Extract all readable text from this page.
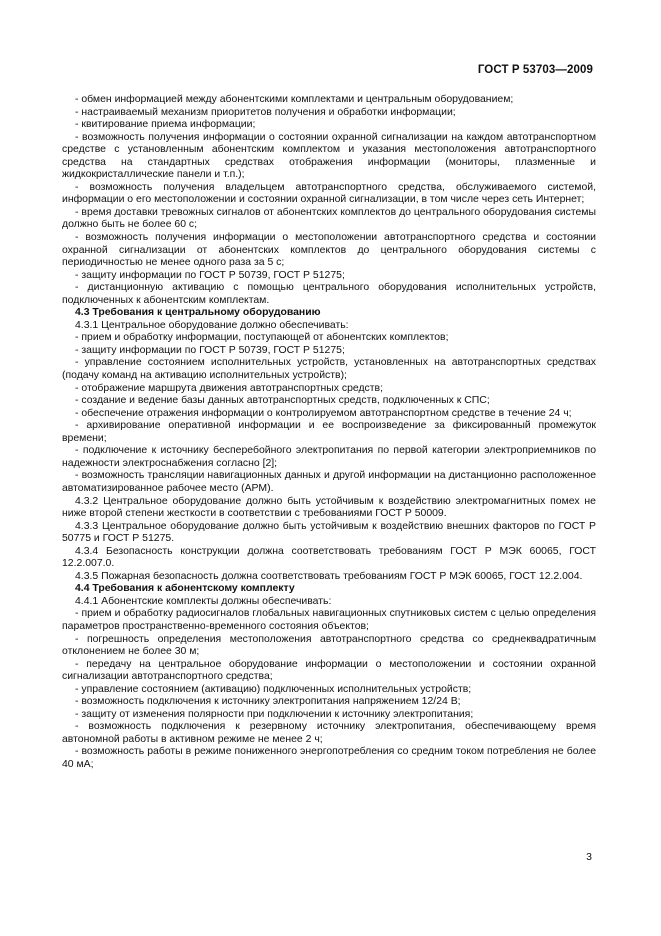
ГОСТ Р 53703—2009

- обмен информацией между абонентскими комплектами и центральным оборудованием;

- настраиваемый механизм приоритетов получения и обработки информации;

- квитирование приема информации;

- возможность получения информации о состоянии охранной сигнализации на каждом автотранспортном средстве с установленным абонентским комплектом и указания местоположения автотранспортного средства на стандартных средствах отображения информации (мониторы, плазменные и жидкокристаллические панели и т.п.);

- возможность получения владельцем автотранспортного средства, обслуживаемого системой, информации о его местоположении и состоянии охранной сигнализации, в том числе через сеть Интернет;

- время доставки тревожных сигналов от абонентских комплектов до центрального оборудования системы должно быть не более 60 с;

- возможность получения информации о местоположении автотранспортного средства и состоянии охранной сигнализации от абонентских комплектов до центрального оборудования системы с периодичностью не менее одного раза за 5 с;

- защиту информации по ГОСТ Р 50739, ГОСТ Р 51275;

- дистанционную активацию с помощью центрального оборудования исполнительных устройств, подключенных к абонентским комплектам.

4.3 Требования к центральному оборудованию

4.3.1 Центральное оборудование должно обеспечивать:

- прием и обработку информации, поступающей от абонентских комплектов;

- защиту информации по ГОСТ Р 50739, ГОСТ Р 51275;

- управление состоянием исполнительных устройств, установленных на автотранспортных средствах (подачу команд на активацию исполнительных устройств);

- отображение маршрута движения автотранспортных средств;

- создание и ведение базы данных автотранспортных средств, подключенных к СПС;

- обеспечение отражения информации о контролируемом автотранспортном средстве в течение 24 ч;

- архивирование оперативной информации и ее воспроизведение за фиксированный промежуток времени;

- подключение к источнику бесперебойного электропитания по первой категории электроприемников по надежности электроснабжения согласно [2];

- возможность трансляции навигационных данных и другой информации на дистанционно расположенное автоматизированное рабочее место (АРМ).

4.3.2 Центральное оборудование должно быть устойчивым к воздействию электромагнитных помех не ниже второй степени жесткости в соответствии с требованиями ГОСТ Р 50009.

4.3.3 Центральное оборудование должно быть устойчивым к воздействию внешних факторов по ГОСТ Р 50775 и ГОСТ Р 51275.

4.3.4 Безопасность конструкции должна соответствовать требованиям ГОСТ Р МЭК 60065, ГОСТ 12.2.007.0.

4.3.5 Пожарная безопасность должна соответствовать требованиям ГОСТ Р МЭК 60065, ГОСТ 12.2.004.

4.4 Требования к абонентскому комплекту

4.4.1 Абонентские комплекты должны обеспечивать:

- прием и обработку радиосигналов глобальных навигационных спутниковых систем с целью определения параметров пространственно-временного состояния объектов;

- погрешность определения местоположения автотранспортного средства со среднеквадратичным отклонением не более 30 м;

- передачу на центральное оборудование информации о местоположении и состоянии охранной сигнализации автотранспортного средства;

- управление состоянием (активацию) подключенных исполнительных устройств;

- возможность подключения к источнику электропитания напряжением 12/24 В;

- защиту от изменения полярности при подключении к источнику электропитания;

- возможность подключения к резервному источнику электропитания, обеспечивающему время автономной работы в активном режиме не менее 2 ч;

- возможность работы в режиме пониженного энергопотребления со средним током потребления не более 40 мА;

3
